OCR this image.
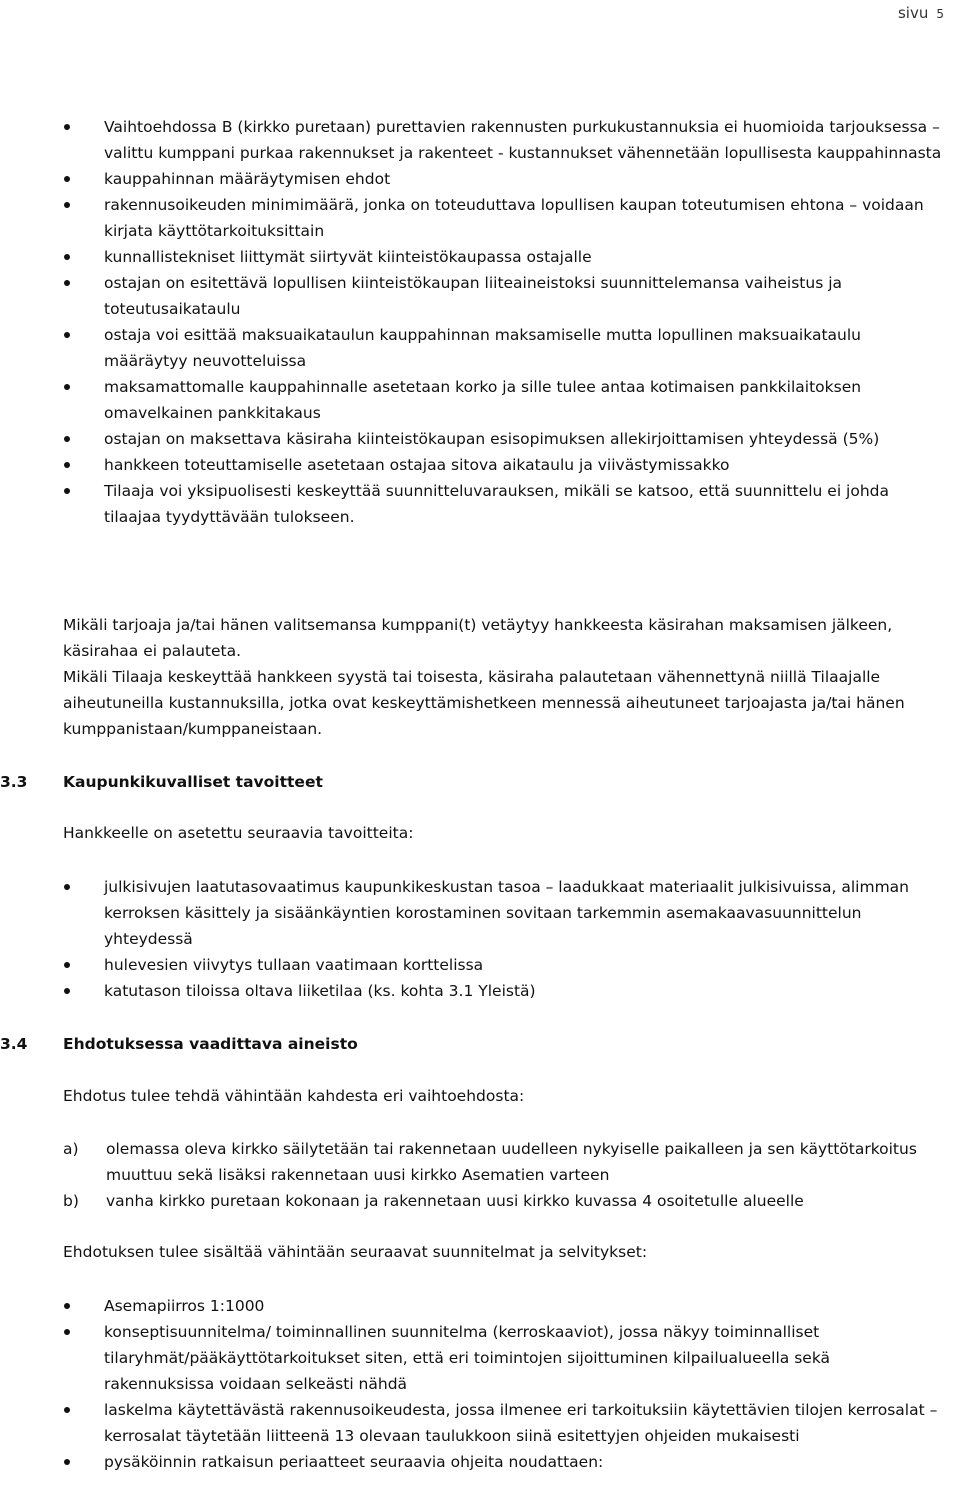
sivu 5
Vaihtoehdossa B (kirkko puretaan) purettavien rakennusten purkukustannuksia ei huomioida tarjouksessa – valittu kumppani purkaa rakennukset ja rakenteet - kustannukset vähennetään lopullisesta kauppahinnasta
kauppahinnan määräytymisen ehdot
rakennusoikeuden minimimäärä, jonka on toteuduttava lopullisen kaupan toteutumisen ehtona – voidaan kirjata käyttötarkoituksittain
kunnallistekniset liittymät siirtyvät kiinteistökaupassa ostajalle
ostajan on esitettävä lopullisen kiinteistökaupan liiteaineistoksi suunnittelemansa vaiheistus ja toteutusaikataulu
ostaja voi esittää maksuaikataulun kauppahinnan maksamiselle mutta lopullinen maksuaikataulu määräytyy neuvotteluissa
maksamattomalle kauppahinnalle asetetaan korko ja sille tulee antaa kotimaisen pankkilaitoksen omavelkainen pankkitakaus
ostajan on maksettava käsiraha kiinteistökaupan esisopimuksen allekirjoittamisen yhteydessä (5%)
hankkeen toteuttamiselle asetetaan ostajaa sitova aikataulu ja viivästymissakko
Tilaaja voi yksipuolisesti keskeyttää suunnitteluvarauksen, mikäli se katsoo, että suunnittelu ei johda tilaajaa tyydyttävään tulokseen.

Mikäli tarjoaja ja/tai hänen valitsemansa kumppani(t) vetäytyy hankkeesta käsirahan maksamisen jälkeen, käsirahaa ei palauteta.

Mikäli Tilaaja keskeyttää hankkeen syystä tai toisesta, käsiraha palautetaan vähennettynä niillä Tilaajalle aiheutuneilla kustannuksilla, jotka ovat keskeyttämishetkeen mennessä aiheutuneet tarjoajasta ja/tai hänen kumppanistaan/kumppaneistaan.

3.3 Kaupunkikuvalliset tavoitteet

Hankkeelle on asetettu seuraavia tavoitteita:

julkisivujen laatutasovaatimus kaupunkikeskustan tasoa – laadukkaat materiaalit julkisivuissa, alimman kerroksen käsittely ja sisäänkäyntien korostaminen sovitaan tarkemmin asemakaavasuunnittelun yhteydessä
hulevesien viivytys tullaan vaatimaan korttelissa
katutason tiloissa oltava liiketilaa (ks. kohta 3.1 Yleistä)
3.4 Ehdotuksessa vaadittava aineisto

Ehdotus tulee tehdä vähintään kahdesta eri vaihtoehdosta:

a) olemassa oleva kirkko säilytetään tai rakennetaan uudelleen nykyiselle paikalleen ja sen käyttötarkoitus muuttuu sekä lisäksi rakennetaan uusi kirkko Asematien varteen
b) vanha kirkko puretaan kokonaan ja rakennetaan uusi kirkko kuvassa 4 osoitetulle alueelle

Ehdotuksen tulee sisältää vähintään seuraavat suunnitelmat ja selvitykset:

Asemapiirros 1:1000
konseptisuunnitelma/ toiminnallinen suunnitelma (kerroskaaviot), jossa näkyy toiminnalliset tilaryhmät/pääkäyttötarkoitukset siten, että eri toimintojen sijoittuminen kilpailualueella sekä rakennuksissa voidaan selkeästi nähdä
laskelma käytettävästä rakennusoikeudesta, jossa ilmenee eri tarkoituksiin käytettävien tilojen kerrosalat – kerrosalat täytetään liitteenä 13 olevaan taulukkoon siinä esitettyjen ohjeiden mukaisesti
pysäköinnin ratkaisun periaatteet seuraavia ohjeita noudattaen:
